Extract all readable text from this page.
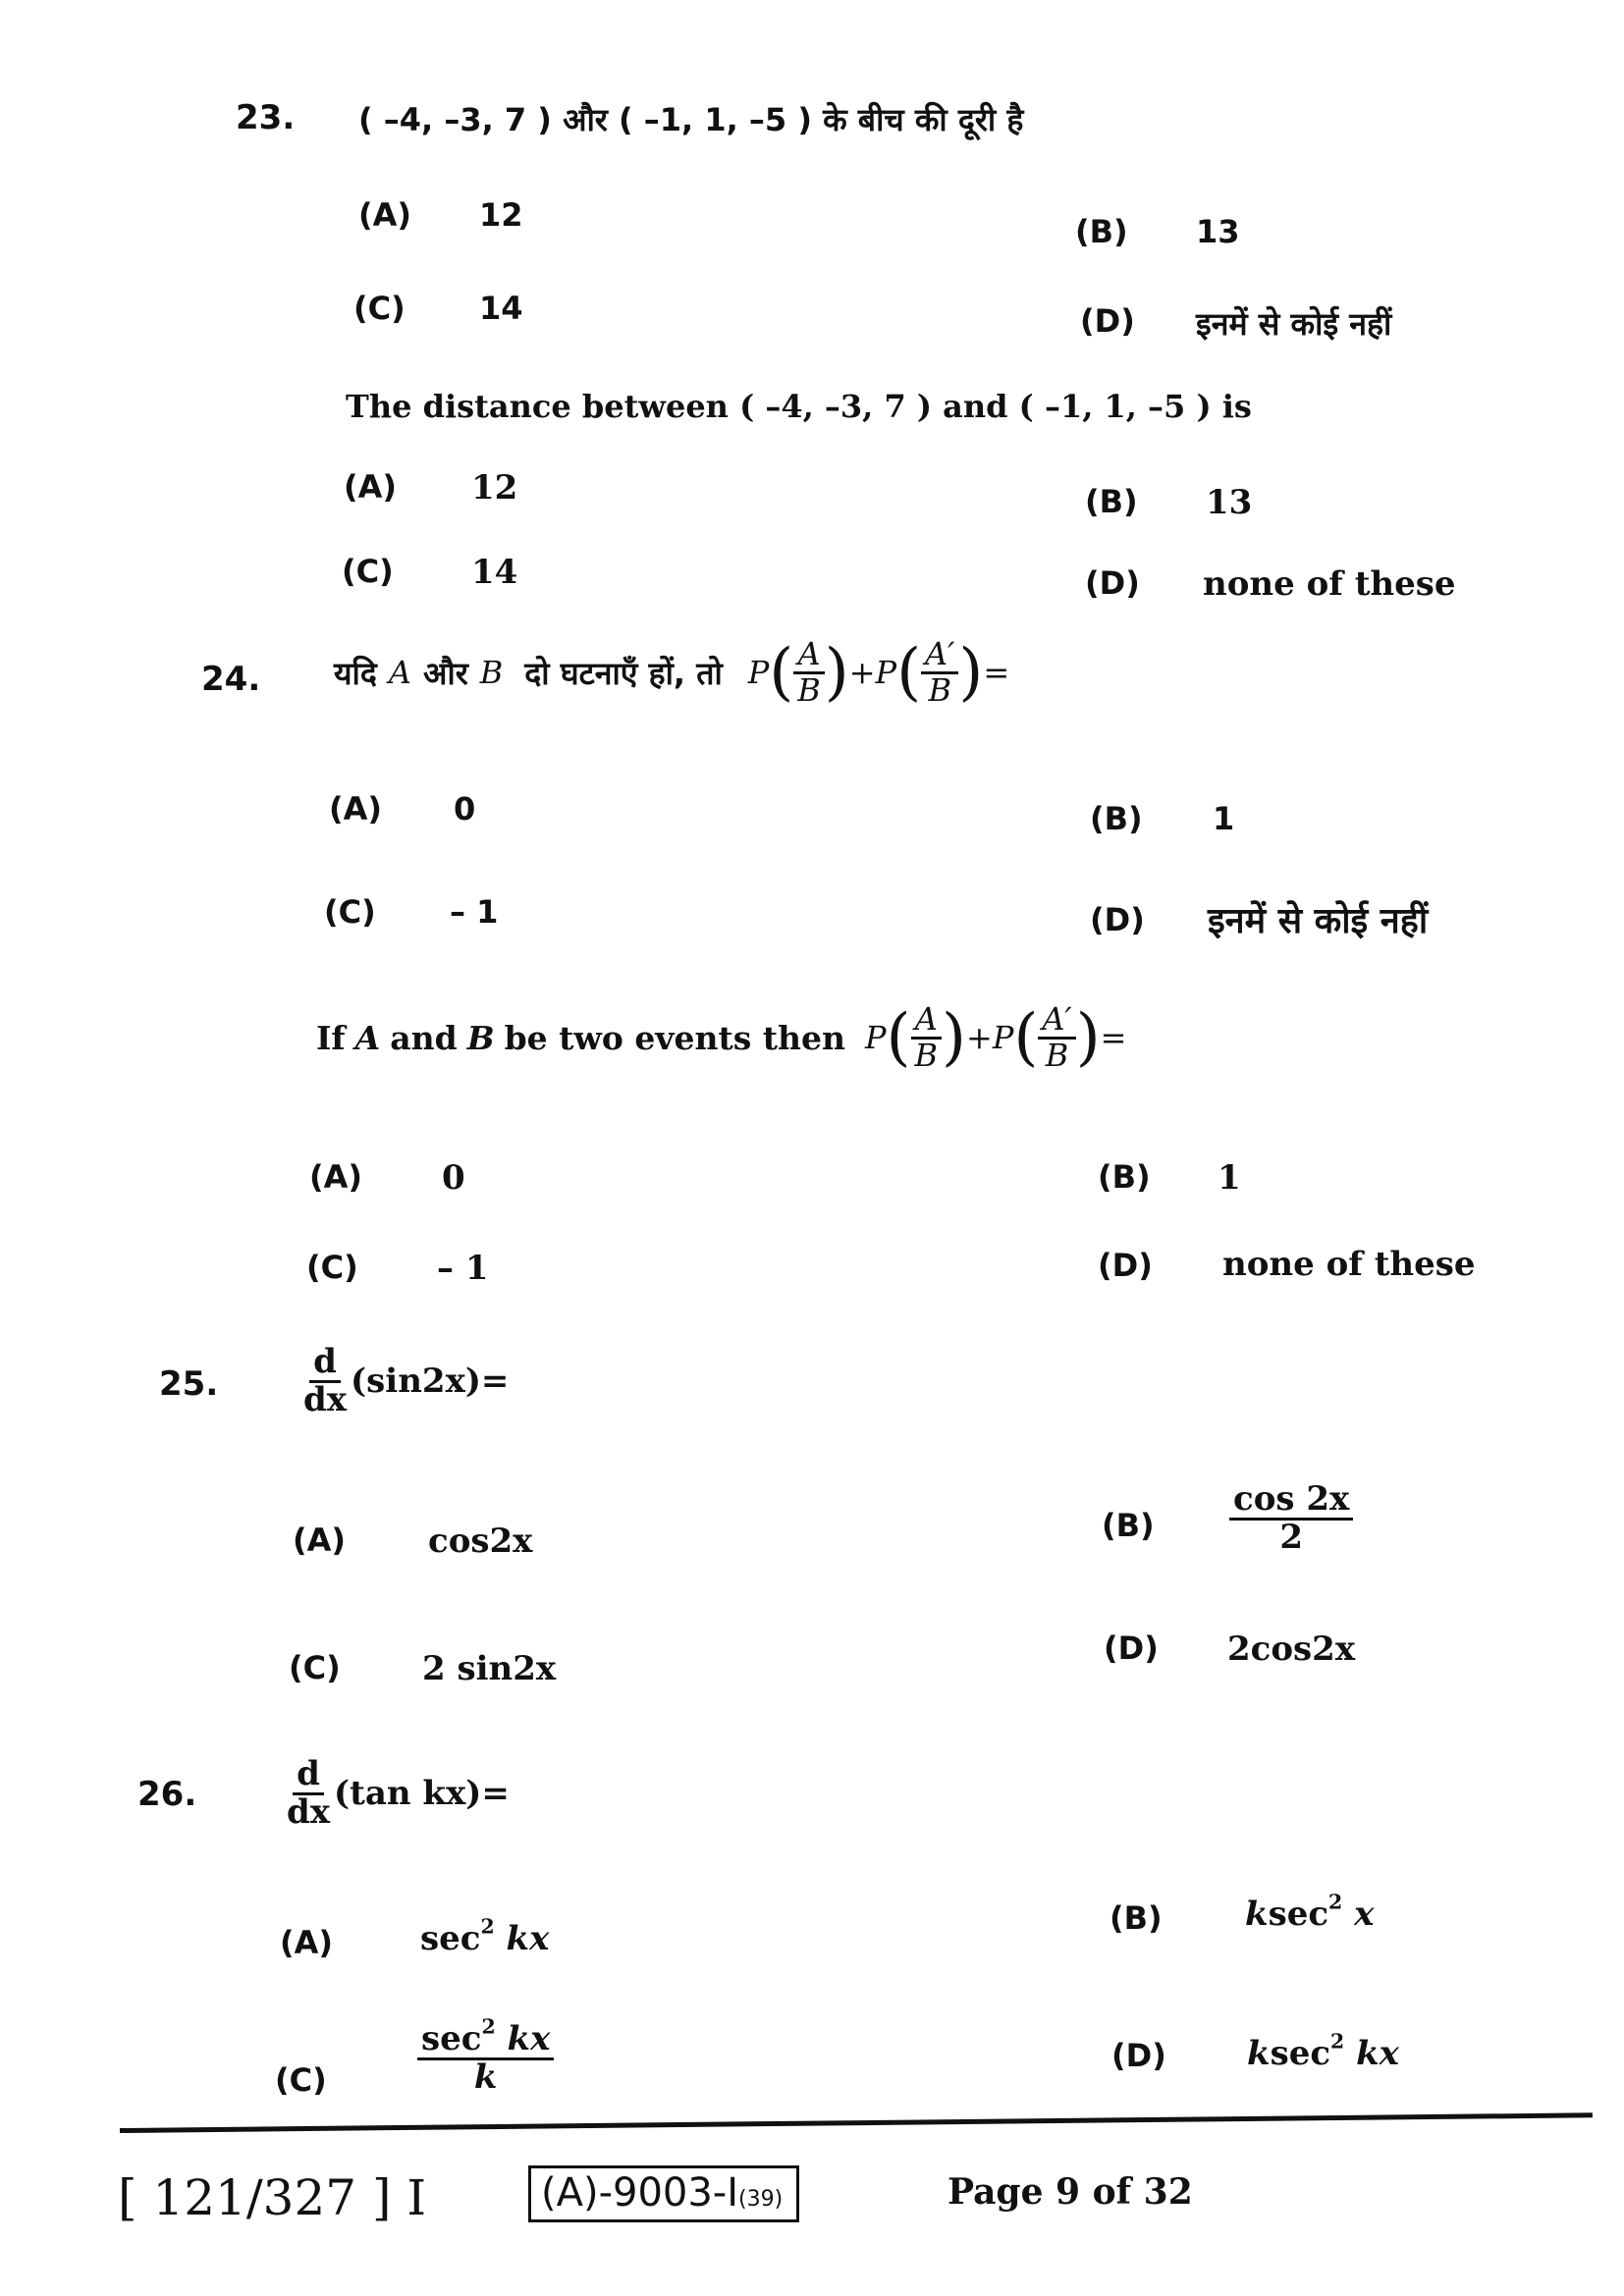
23. ( –4, –3, 7 ) और ( –1, 1, –5 ) के बीच की दूरी है
(A) 12	(B) 13
(C) 14	(D) इनमें से कोई नहीं
The distance between ( –4, –3, 7 ) and ( –1, 1, –5 ) is
(A) 12	(B) 13
(C) 14	(D) none of these
24. यदि A और B दो घटनाएँ हों, तो P ( $\frac{A}{B}$ ) + P ( $\frac{A'}{B}$ ) =
(A) 0	(B) 1
(C) – 1	(D) इनमें से कोई नहीं
If A and B be two events then P ( $\frac{A}{B}$ ) + P ( $\frac{A'}{B}$ ) =
(A) 0	(B) 1
(C) – 1	(D) none of these
25. $\frac{d}{dx} (\sin 2x)=$
(A) cos2x	$(B) \frac{\cos 2x}{2}$
(C) 2 sin2x
(D) 2cos2x
26.	$\frac{d}{dx} (\tan$ kx)=
(A)	$\sec^2$ kx
(B) ksec$^2$ x
(C)	$\frac{\sec^2 kx}{k}$	(D) ksec$^2$ kx
[ 121/327 ] I	(A)-9003-I(39)	Page 9 of 32
